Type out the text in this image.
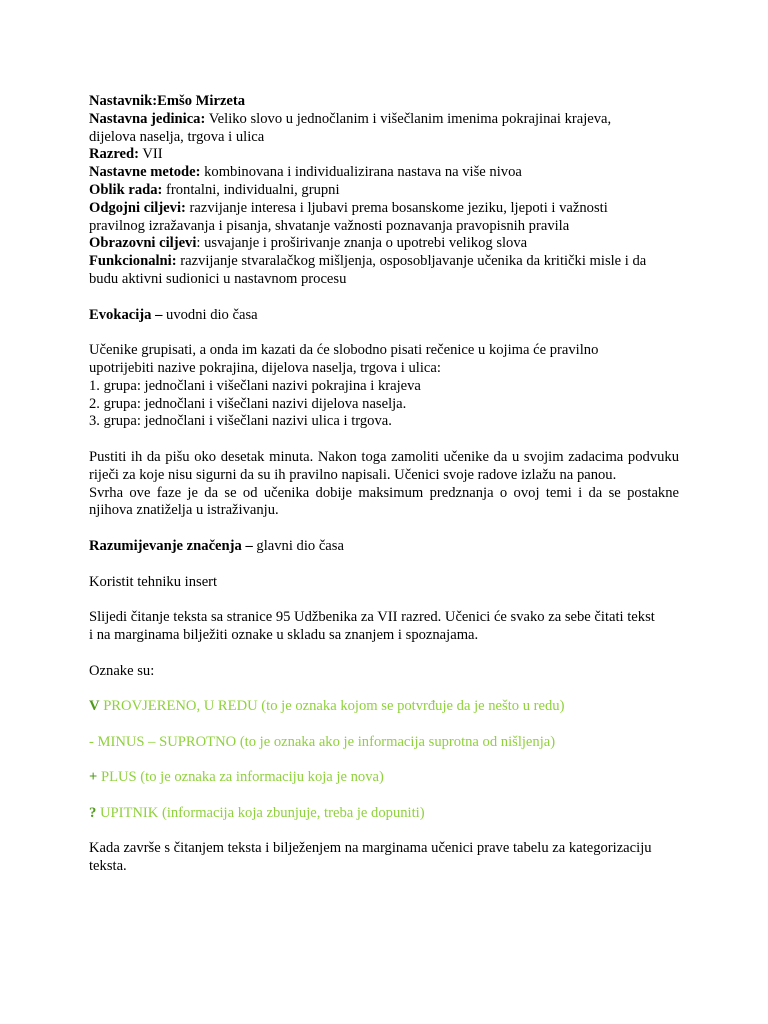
Nastavnik:Emšo Mirzeta

Nastavna jedinica: Veliko slovo u jednočlanim i višečlanim imenima pokrajinai krajeva,

dijelova naselja, trgova i ulica

Razred: VII

Nastavne metode: kombinovana i individualizirana nastava na više nivoa

Oblik rada: frontalni, individualni, grupni

Odgojni ciljevi: razvijanje interesa i ljubavi prema bosanskome jeziku, ljepoti i važnosti

pravilnog izražavanja i pisanja, shvatanje važnosti poznavanja pravopisnih pravila

Obrazovni ciljevi: usvajanje i proširivanje znanja o upotrebi velikog slova

Funkcionalni: razvijanje stvaralačkog mišljenja, osposobljavanje učenika da kritički misle i da

budu aktivni sudionici u nastavnom procesu

Evokacija – uvodni dio časa

Učenike grupisati, a onda im kazati da će slobodno pisati rečenice u kojima će pravilno
upotrijebiti nazive pokrajina, dijelova naselja, trgova i ulica:

1. grupa: jednočlani i višečlani nazivi pokrajina i krajeva

2. grupa: jednočlani i višečlani nazivi dijelova naselja.

3. grupa: jednočlani i višečlani nazivi ulica i trgova.

Pustiti ih da pišu oko desetak minuta. Nakon toga zamoliti učenike da u svojim zadacima podvuku riječi za koje nisu sigurni da su ih pravilno napisali. Učenici svoje radove izlažu na panou.

Svrha ove faze je da se od učenika dobije maksimum predznanja o ovoj temi i da se postakne njihova znatiželja u istraživanju.

Razumijevanje značenja – glavni dio časa

Koristit tehniku insert

Slijedi čitanje teksta sa stranice 95 Udžbenika za VII razred. Učenici će svako za sebe čitati tekst
i na marginama bilježiti oznake u skladu sa znanjem i spoznajama.

Oznake su:

V PROVJERENO, U REDU (to je oznaka kojom se potvrđuje da je nešto u redu)

- MINUS – SUPROTNO (to je oznaka ako je informacija suprotna od nišljenja)

+ PLUS (to je oznaka za informaciju koja je nova)

? UPITNIK (informacija koja zbunjuje, treba je dopuniti)

Kada završe s čitanjem teksta i bilježenjem na marginama učenici prave tabelu za kategorizaciju
teksta.
